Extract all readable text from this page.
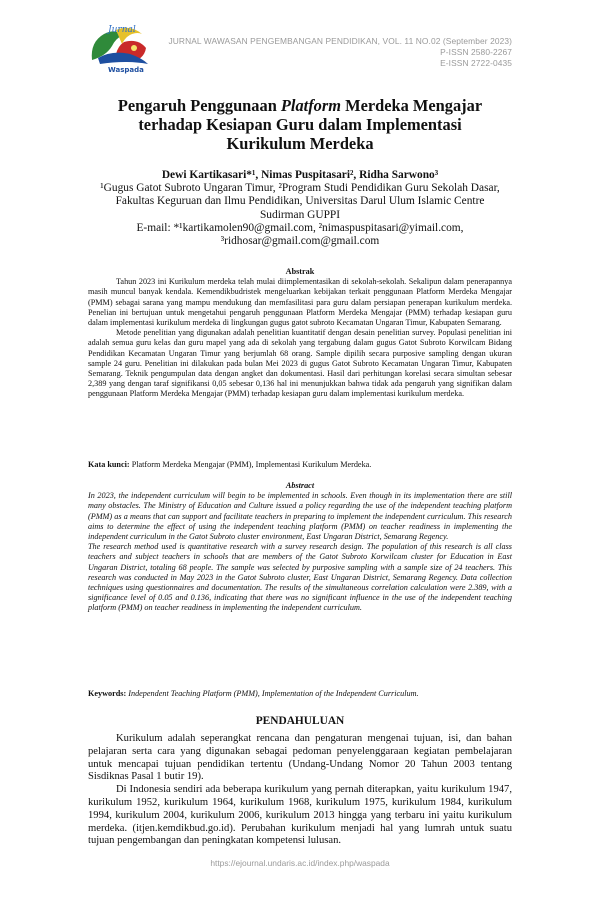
Jurnal
Waspada
JURNAL WAWASAN PENGEMBANGAN PENDIDIKAN, VOL. 11 NO.02 (September 2023)
P-ISSN 2580-2267
E-ISSN 2722-0435
Pengaruh Penggunaan Platform Merdeka Mengajar
terhadap Kesiapan Guru dalam Implementasi
Kurikulum Merdeka
Dewi Kartikasari*¹, Nimas Puspitasari², Ridha Sarwono³
¹Gugus Gatot Subroto Ungaran Timur, ²Program Studi Pendidikan Guru Sekolah Dasar,
Fakultas Keguruan dan Ilmu Pendidikan, Universitas Darul Ulum Islamic Centre
Sudirman GUPPI
E-mail: *¹kartikamolen90@gmail.com, ²nimaspuspitasari@yimail.com,
³ridhosar@gmail.com@gmail.com
Abstrak

Tahun 2023 ini Kurikulum merdeka telah mulai diimplementasikan di sekolah-sekolah. Sekalipun dalam penerapannya masih muncul banyak kendala. Kemendikbudristek mengeluarkan kebijakan terkait penggunaan Platform Merdeka Mengajar (PMM) sebagai sarana yang mampu mendukung dan memfasilitasi para guru dalam persiapan penerapan kurikulum merdeka. Penelian ini bertujuan untuk mengetahui pengaruh penggunaan Platform Merdeka Mengajar (PMM) terhadap kesiapan guru dalam implementasi kurikulum merdeka di lingkungan gugus gatot subroto Kecamatan Ungaran Timur, Kabupaten Semarang.

Metode penelitian yang digunakan adalah penelitian kuantitatif dengan desain penelitian survey. Populasi penelitian ini adalah semua guru kelas dan guru mapel yang ada di sekolah yang tergabung dalam gugus Gatot Subroto Korwilcam Bidang Pendidikan Kecamatan Ungaran Timur yang berjumlah 68 orang. Sample dipilih secara purposive sampling dengan ukuran sample 24 guru. Penelitian ini dilakukan pada bulan Mei 2023 di gugus Gatot Subroto Kecamatan Ungaran Timur, Kabupaten Semarang. Teknik pengumpulan data dengan angket dan dokumentasi. Hasil dari perhitungan korelasi secara simultan sebesar 2,389 yang dengan taraf signifikansi 0,05 sebesar 0,136 hal ini menunjukkan bahwa tidak ada pengaruh yang signifikan dalam penggunaan Platform Merdeka Mengajar (PMM) terhadap kesiapan guru dalam implementasi kurikulum merdeka.

Kata kunci: Platform Merdeka Mengajar (PMM), Implementasi Kurikulum Merdeka.
Abstract

In 2023, the independent curriculum will begin to be implemented in schools. Even though in its implementation there are still many obstacles. The Ministry of Education and Culture issued a policy regarding the use of the independent teaching platform (PMM) as a means that can support and facilitate teachers in preparing to implement the independent curriculum. This research aims to determine the effect of using the independent teaching platform (PMM) on teacher readiness in implementing the independent curriculum in the Gatot Subroto cluster environment, East Ungaran District, Semarang Regency.

The research method used is quantitative research with a survey research design. The population of this research is all class teachers and subject teachers in schools that are members of the Gatot Subroto Korwilcam cluster for Education in East Ungaran District, totaling 68 people. The sample was selected by purposive sampling with a sample size of 24 teachers. This research was conducted in May 2023 in the Gatot Subroto cluster, East Ungaran District, Semarang Regency. Data collection techniques using questionnaires and documentation. The results of the simultaneous correlation calculation were 2.389, with a significance level of 0.05 and 0.136, indicating that there was no significant influence in the use of the independent teaching platform (PMM) on teacher readiness in implementing the independent curriculum.

Keywords: Independent Teaching Platform (PMM), Implementation of the Independent Curriculum.
PENDAHULUAN

Kurikulum adalah seperangkat rencana dan pengaturan mengenai tujuan, isi, dan bahan pelajaran serta cara yang digunakan sebagai pedoman penyelenggaraan kegiatan pembelajaran untuk mencapai tujuan pendidikan tertentu (Undang-Undang Nomor 20 Tahun 2003 tentang Sisdiknas Pasal 1 butir 19).

Di Indonesia sendiri ada beberapa kurikulum yang pernah diterapkan, yaitu kurikulum 1947, kurikulum 1952, kurikulum 1964, kurikulum 1968, kurikulum 1975, kurikulum 1984, kurikulum 1994, kurikulum 2004, kurikulum 2006, kurikulum 2013 hingga yang terbaru ini yaitu kurikulum merdeka. (itjen.kemdikbud.go.id). Perubahan kurikulum menjadi hal yang lumrah untuk suatu tujuan pengembangan dan peningkatan kompetensi lulusan.

https://ejournal.undaris.ac.id/index.php/waspada
